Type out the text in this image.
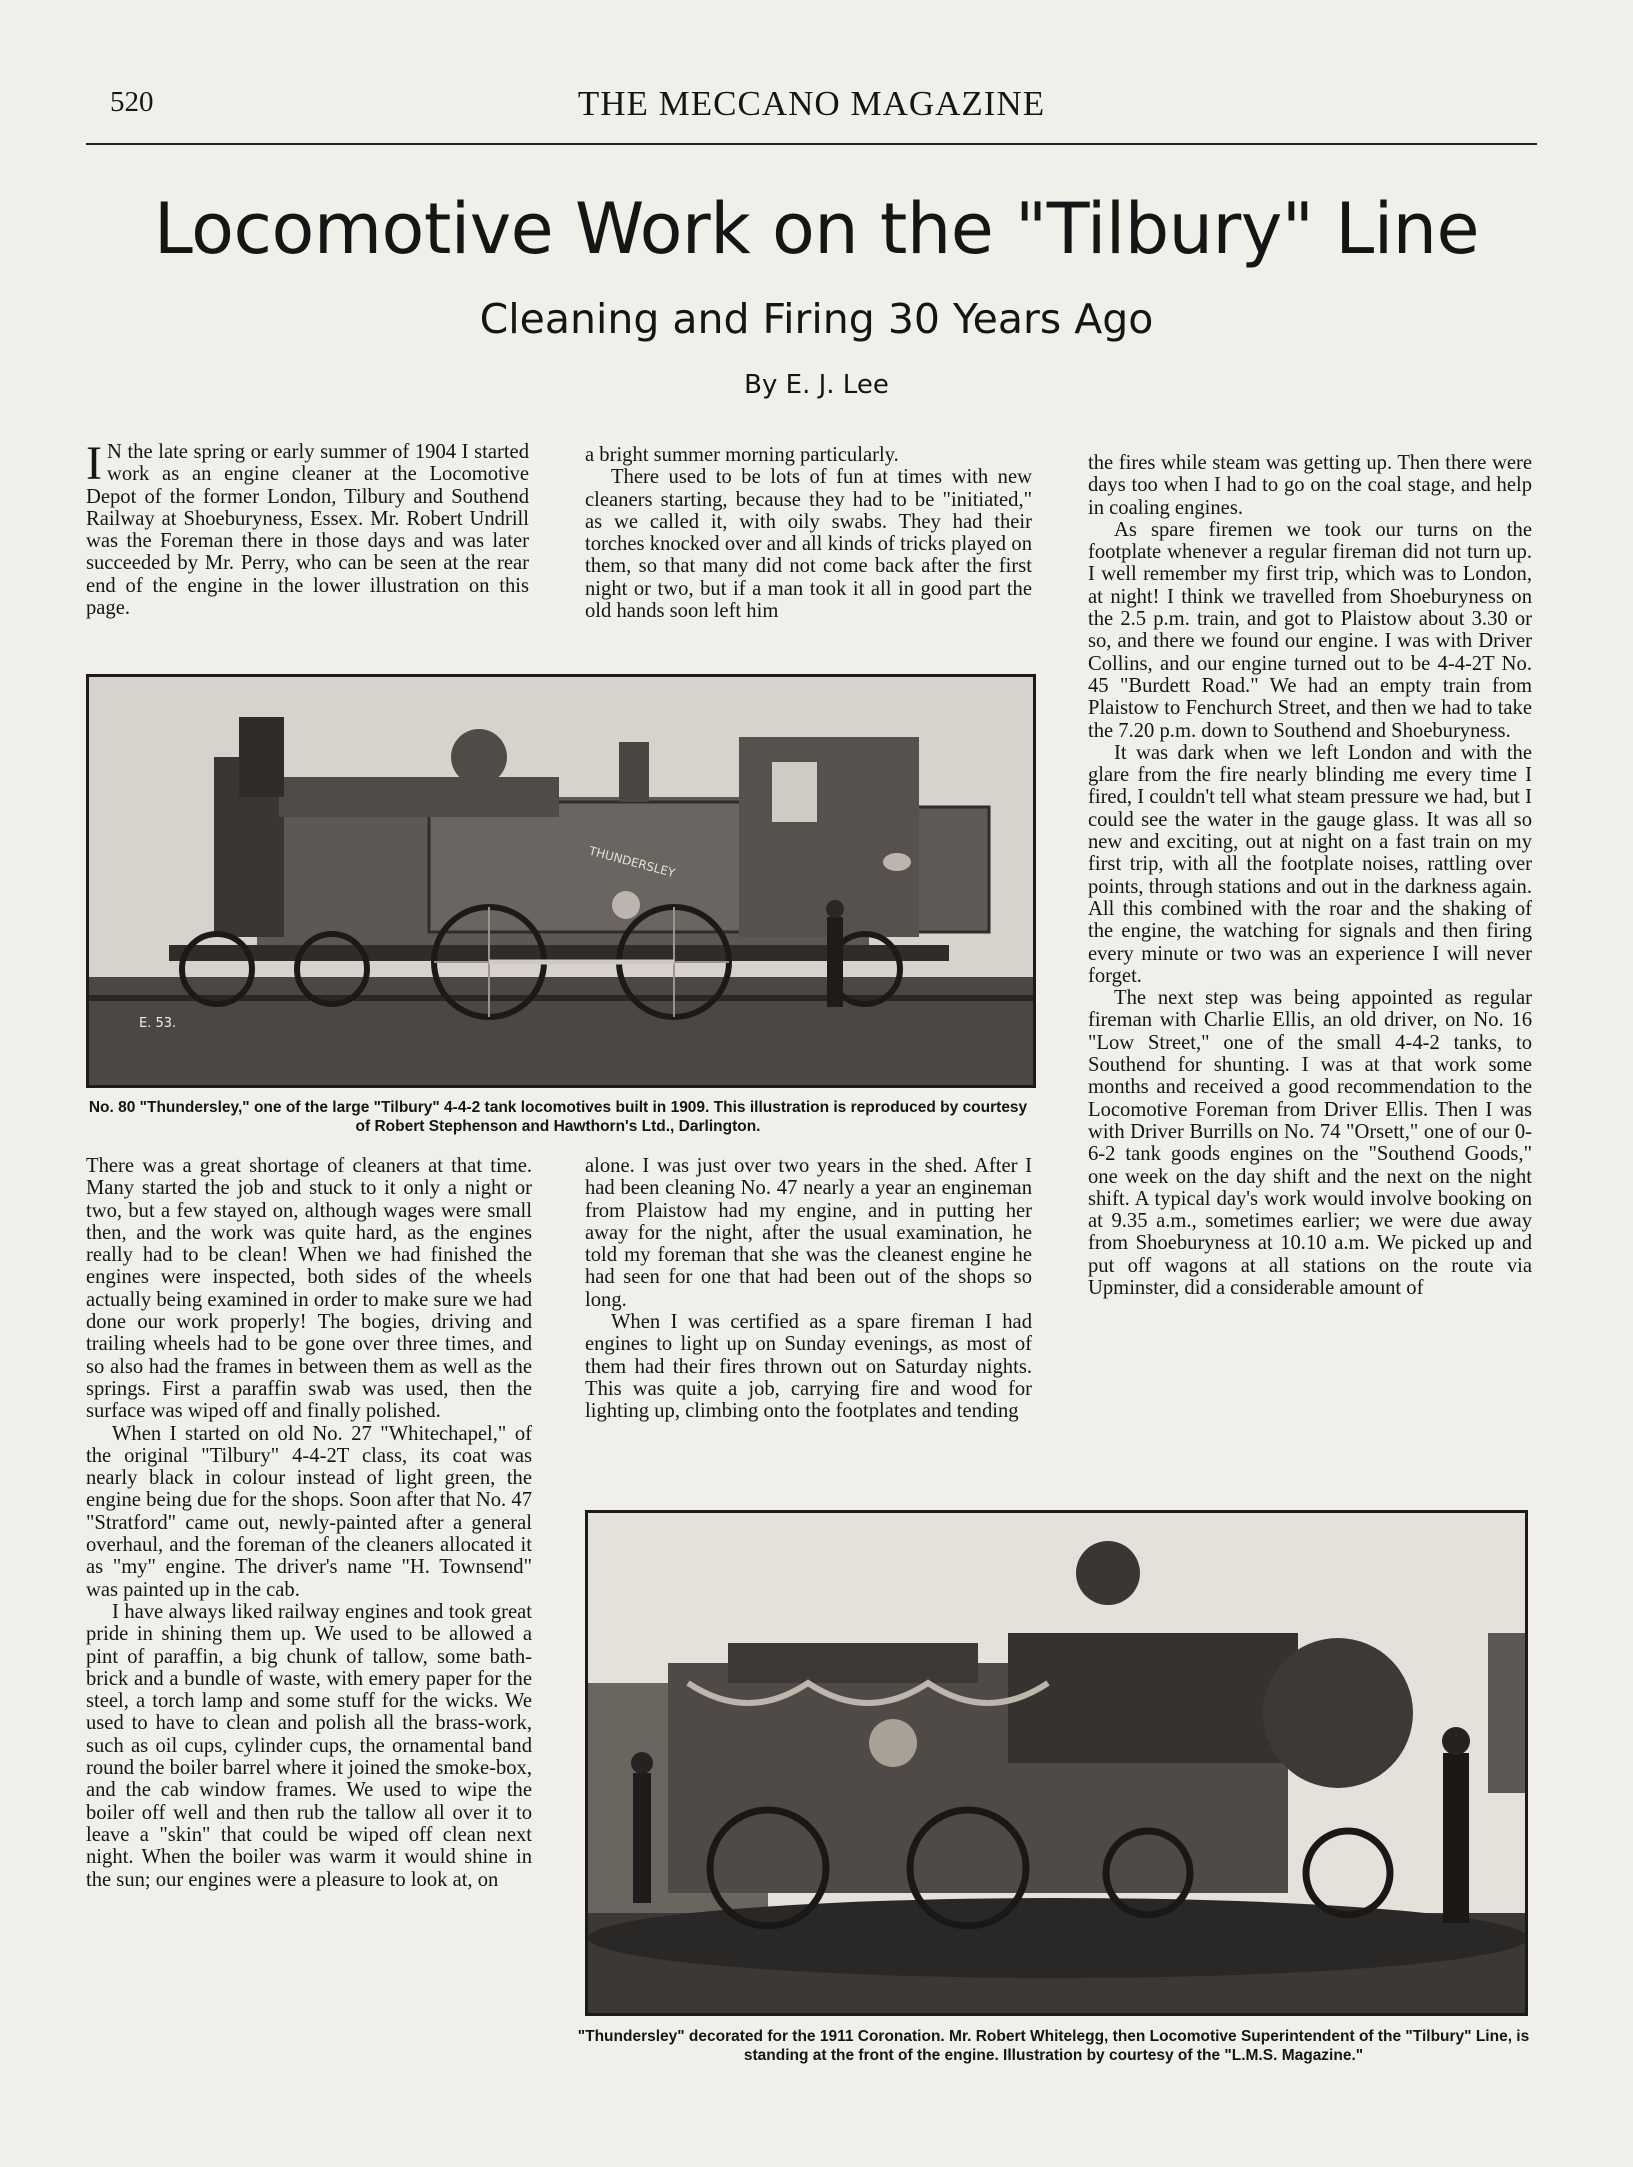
520	THE MECCANO MAGAZINE
Locomotive Work on the "Tilbury" Line
Cleaning and Firing 30 Years Ago
By E. J. Lee

I N the late spring or early summer of 1904 I started work as an engine cleaner at the Locomotive Depot of the former London, Tilbury and Southend Railway at Shoeburyness, Essex. Mr. Robert Undrill was the Foreman there in those days and was later succeeded by Mr. Perry, who can be seen at the rear end of the engine in the lower illustration on this page.

a bright summer morning particularly.

There used to be lots of fun at times with new cleaners starting, because they had to be "initiated," as we called it, with oily swabs. They had their torches knocked over and all kinds of tricks played on them, so that many did not come back after the first night or two, but if a man took it all in good part the old hands soon left him

the fires while steam was getting up. Then there were days too when I had to go on the coal stage, and help in coaling engines.

As spare firemen we took our turns on the footplate whenever a regular fireman did not turn up. I well remember my first trip, which was to London, at night! I think we travelled from Shoeburyness on the 2.5 p.m. train, and got to Plaistow about 3.30 or so, and there we found our engine. I was with Driver Collins, and our engine turned out to be 4-4-2T No. 45 "Burdett Road." We had an empty train from Plaistow to Fenchurch Street, and then we had to take the 7.20 p.m. down to Southend and Shoeburyness.

It was dark when we left London and with the glare from the fire nearly blinding me every time I fired, I couldn't tell what steam pressure we had, but I could see the water in the gauge glass. It was all so new and exciting, out at night on a fast train on my first trip, with all the footplate noises, rattling over points, through stations and out in the darkness again. All this combined with the roar and the shaking of the engine, the watching for signals and then firing every minute or two was an experience I will never forget.

The next step was being appointed as regular fireman with Charlie Ellis, an old driver, on No. 16 "Low Street," one of the small 4-4-2 tanks, to Southend for shunting. I was at that work some months and received a good recommendation to the Locomotive Foreman from Driver Ellis. Then I was with Driver Burrills on No. 74 "Orsett," one of our 0-6-2 tank goods engines on the "Southend Goods," one week on the day shift and the next on the night shift. A typical day's work would involve booking on at 9.35 a.m., sometimes earlier; we were due away from Shoeburyness at 10.10 a.m. We picked up and put off wagons at all stations on the route via Upminster, did a considerable amount of

THUNDERSLEY
E. 53.
No. 80 "Thundersley," one of the large "Tilbury" 4-4-2 tank locomotives built in 1909. This illustration is reproduced by courtesy of Robert Stephenson and Hawthorn's Ltd., Darlington.

There was a great shortage of cleaners at that time. Many started the job and stuck to it only a night or two, but a few stayed on, although wages were small then, and the work was quite hard, as the engines really had to be clean! When we had finished the engines were inspected, both sides of the wheels actually being examined in order to make sure we had done our work properly! The bogies, driving and trailing wheels had to be gone over three times, and so also had the frames in between them as well as the springs. First a paraffin swab was used, then the surface was wiped off and finally polished.

When I started on old No. 27 "Whitechapel," of the original "Tilbury" 4-4-2T class, its coat was nearly black in colour instead of light green, the engine being due for the shops. Soon after that No. 47 "Stratford" came out, newly-painted after a general overhaul, and the foreman of the cleaners allocated it as "my" engine. The driver's name "H. Townsend" was painted up in the cab.

I have always liked railway engines and took great pride in shining them up. We used to be allowed a pint of paraffin, a big chunk of tallow, some bath-brick and a bundle of waste, with emery paper for the steel, a torch lamp and some stuff for the wicks. We used to have to clean and polish all the brass-work, such as oil cups, cylinder cups, the ornamental band round the boiler barrel where it joined the smoke-box, and the cab window frames. We used to wipe the boiler off well and then rub the tallow all over it to leave a "skin" that could be wiped off clean next night. When the boiler was warm it would shine in the sun; our engines were a pleasure to look at, on

alone. I was just over two years in the shed. After I had been cleaning No. 47 nearly a year an engineman from Plaistow had my engine, and in putting her away for the night, after the usual examination, he told my foreman that she was the cleanest engine he had seen for one that had been out of the shops so long.

When I was certified as a spare fireman I had engines to light up on Sunday evenings, as most of them had their fires thrown out on Saturday nights. This was quite a job, carrying fire and wood for lighting up, climbing onto the footplates and tending

"Thundersley" decorated for the 1911 Coronation. Mr. Robert Whitelegg, then Locomotive Superintendent of the "Tilbury" Line, is standing at the front of the engine. Illustration by courtesy of the "L.M.S. Magazine."
